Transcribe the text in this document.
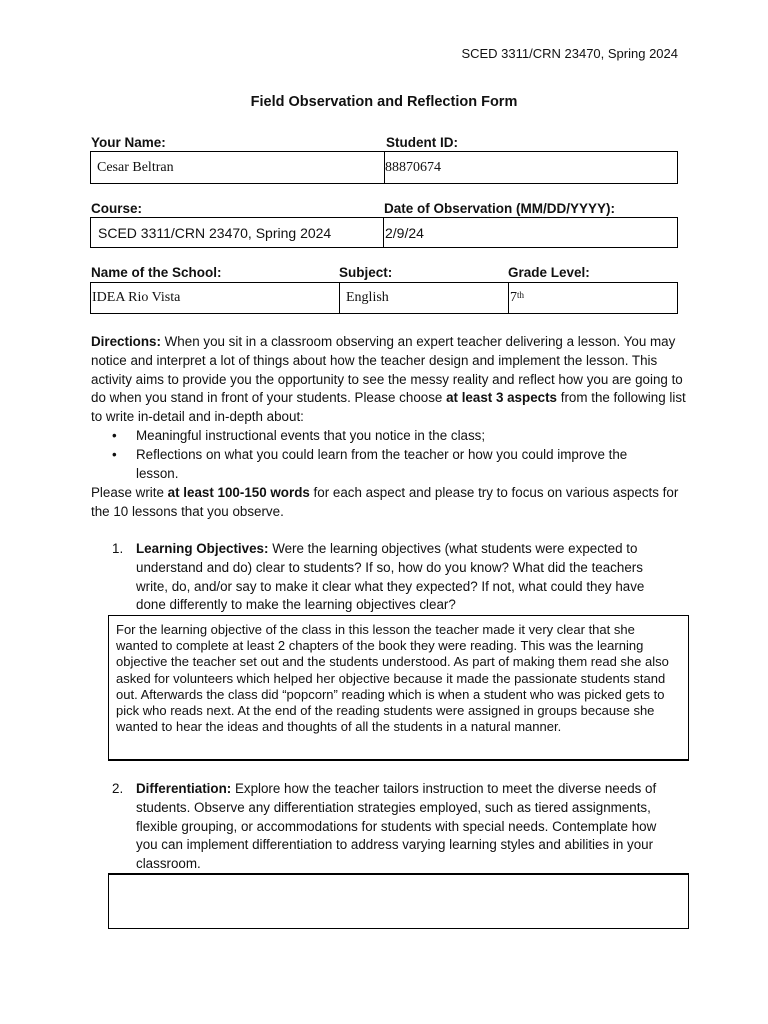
SCED 3311/CRN 23470, Spring 2024
Field Observation and Reflection Form
Your Name:	Student ID:
Cesar Beltran	88870674
Course:	Date of Observation (MM/DD/YYYY):
SCED 3311/CRN 23470, Spring 2024	2/9/24
Name of the School:	Subject:	Grade Level:
IDEA Rio Vista	English	7th
Directions: When you sit in a classroom observing an expert teacher delivering a lesson. You may notice and interpret a lot of things about how the teacher design and implement the lesson. This activity aims to provide you the opportunity to see the messy reality and reflect how you are going to do when you stand in front of your students. Please choose at least 3 aspects from the following list to write in-detail and in-depth about:
• Meaningful instructional events that you notice in the class;
• Reflections on what you could learn from the teacher or how you could improve the lesson.
Please write at least 100-150 words for each aspect and please try to focus on various aspects for the 10 lessons that you observe.
1. Learning Objectives: Were the learning objectives (what students were expected to understand and do) clear to students? If so, how do you know? What did the teachers write, do, and/or say to make it clear what they expected? If not, what could they have done differently to make the learning objectives clear?
For the learning objective of the class in this lesson the teacher made it very clear that she wanted to complete at least 2 chapters of the book they were reading. This was the learning objective the teacher set out and the students understood. As part of making them read she also asked for volunteers which helped her objective because it made the passionate students stand out. Afterwards the class did “popcorn” reading which is when a student who was picked gets to pick who reads next. At the end of the reading students were assigned in groups because she wanted to hear the ideas and thoughts of all the students in a natural manner.
2. Differentiation: Explore how the teacher tailors instruction to meet the diverse needs of students. Observe any differentiation strategies employed, such as tiered assignments, flexible grouping, or accommodations for students with special needs. Contemplate how you can implement differentiation to address varying learning styles and abilities in your classroom.
